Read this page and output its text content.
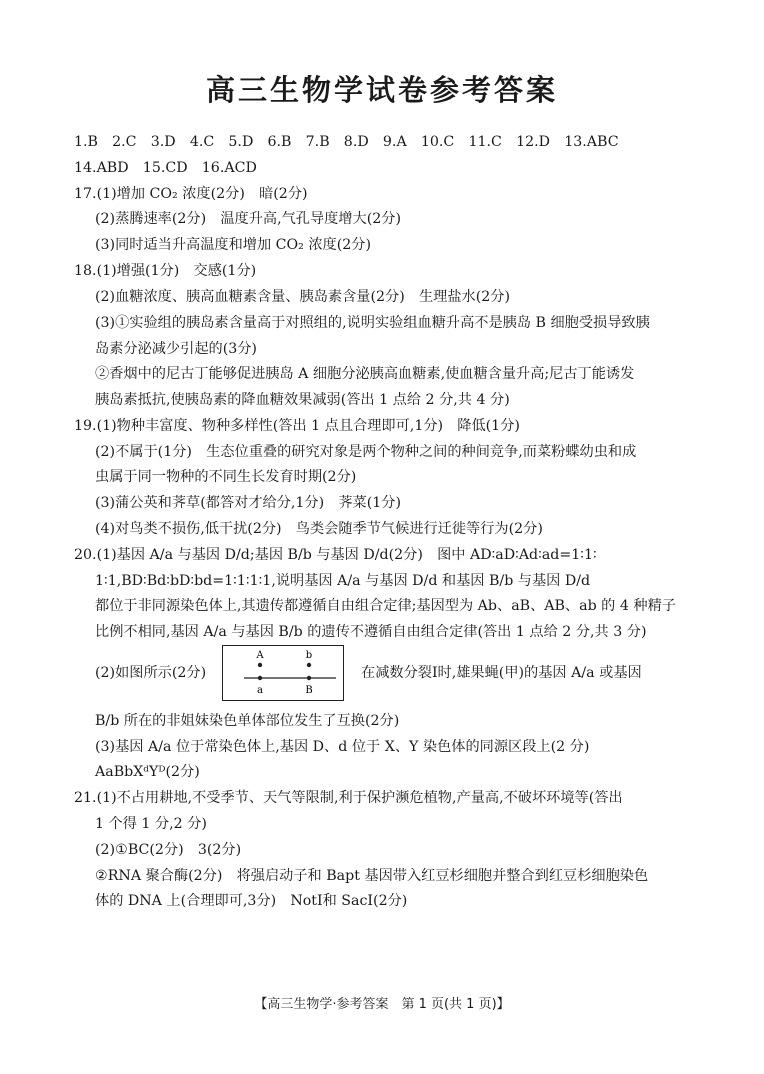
高三生物学试卷参考答案
1.B　2.C　3.D　4.C　5.D　6.B　7.B　8.D　9.A　10.C　11.C　12.D　13.ABC
14.ABD　15.CD　16.ACD
17.(1)增加 CO₂ 浓度(2分)　暗(2分)
(2)蒸腾速率(2分)　温度升高,气孔导度增大(2分)
(3)同时适当升高温度和增加 CO₂ 浓度(2分)
18.(1)增强(1分)　交感(1分)
(2)血糖浓度、胰高血糖素含量、胰岛素含量(2分)　生理盐水(2分)
(3)①实验组的胰岛素含量高于对照组的,说明实验组血糖升高不是胰岛 B 细胞受损导致胰
岛素分泌减少引起的(3分)
②香烟中的尼古丁能够促进胰岛 A 细胞分泌胰高血糖素,使血糖含量升高;尼古丁能诱发
胰岛素抵抗,使胰岛素的降血糖效果减弱(答出 1 点给 2 分,共 4 分)
19.(1)物种丰富度、物种多样性(答出 1 点且合理即可,1分)　降低(1分)
(2)不属于(1分)　生态位重叠的研究对象是两个物种之间的种间竞争,而菜粉蝶幼虫和成
虫属于同一物种的不同生长发育时期(2分)
(3)蒲公英和荠草(都答对才给分,1分)　荠菜(1分)
(4)对鸟类不损伤,低干扰(2分)　鸟类会随季节气候进行迁徙等行为(2分)
20.(1)基因 A/a 与基因 D/d;基因 B/b 与基因 D/d(2分)　图中 AD∶aD∶Ad∶ad=1∶1∶
1∶1,BD∶Bd∶bD∶bd=1∶1∶1∶1,说明基因 A/a 与基因 D/d 和基因 B/b 与基因 D/d
都位于非同源染色体上,其遗传都遵循自由组合定律;基因型为 Ab、aB、AB、ab 的 4 种精子
比例不相同,基因 A/a 与基因 B/b 的遗传不遵循自由组合定律(答出 1 点给 2 分,共 3 分)
(2)如图所示(2分)
A	b
a	B
在减数分裂Ⅰ时,雄果蝇(甲)的基因 A/a 或基因
B/b 所在的非姐妹染色单体部位发生了互换(2分)
(3)基因 A/a 位于常染色体上,基因 D、d 位于 X、Y 染色体的同源区段上(2 分)
AaBbXᵈYᴰ(2分)
21.(1)不占用耕地,不受季节、天气等限制,利于保护濒危植物,产量高,不破坏环境等(答出
1 个得 1 分,2 分)
(2)①BC(2分)　3(2分)
②RNA 聚合酶(2分)　将强启动子和 Bapt 基因带入红豆杉细胞并整合到红豆杉细胞染色
体的 DNA 上(合理即可,3分)　NotⅠ和 SacⅠ(2分)
【高三生物学·参考答案　第 1 页(共 1 页)】
